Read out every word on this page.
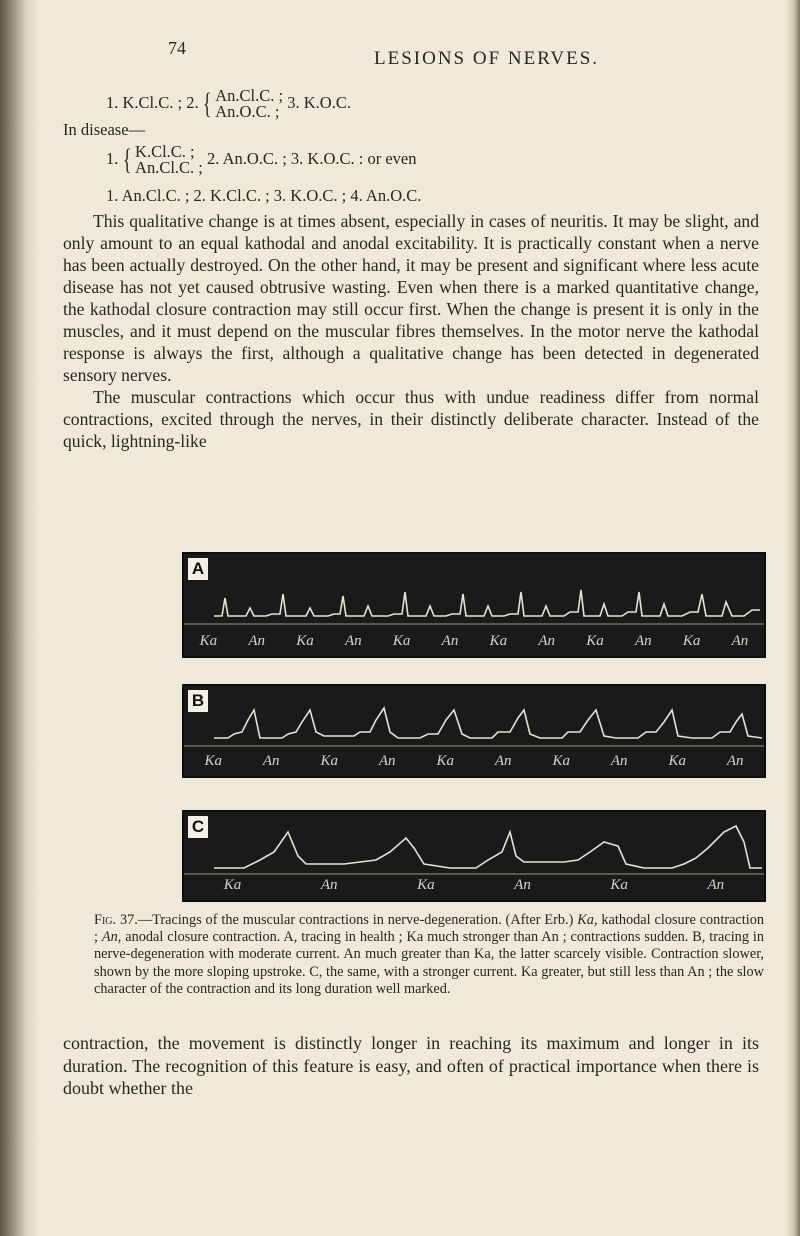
74	LESIONS OF NERVES.
1. K.Cl.C. ; 2. { An.Cl.C. ;
An.O.C. ; 3. K.O.C.
In disease—
1. { K.Cl.C. ;
An.Cl.C. ; 2. An.O.C. ; 3. K.O.C. : or even
1. An.Cl.C. ; 2. K.Cl.C. ; 3. K.O.C. ; 4. An.O.C.

This qualitative change is at times absent, especially in cases of neuritis. It may be slight, and only amount to an equal kathodal and anodal excitability. It is practically constant when a nerve has been actually destroyed. On the other hand, it may be present and significant where less acute disease has not yet caused obtrusive wasting. Even when there is a marked quantitative change, the kathodal closure contraction may still occur first. When the change is present it is only in the muscles, and it must depend on the muscular fibres themselves. In the motor nerve the kathodal response is always the first, although a qualitative change has been detected in degenerated sensory nerves.

The muscular contractions which occur thus with undue readiness differ from normal contractions, excited through the nerves, in their distinctly deliberate character. Instead of the quick, lightning-like

A
Ka An Ka An Ka An Ka An Ka An Ka An
B
Ka	An	Ka	An	Ka	An	Ka	An	Ka	An
C
Ka	An	Ka	An	Ka	An

Fig. 37.—Tracings of the muscular contractions in nerve-degeneration. (After Erb.) Ka, kathodal closure contraction ; An, anodal closure contraction. A, tracing in health ; Ka much stronger than An ; contractions sudden. B, tracing in nerve-degeneration with moderate current. An much greater than Ka, the latter scarcely visible. Contraction slower, shown by the more sloping upstroke. C, the same, with a stronger current. Ka greater, but still less than An ; the slow character of the contraction and its long duration well marked.

contraction, the movement is distinctly longer in reaching its maximum and longer in its duration. The recognition of this feature is easy, and often of practical importance when there is doubt whether the
